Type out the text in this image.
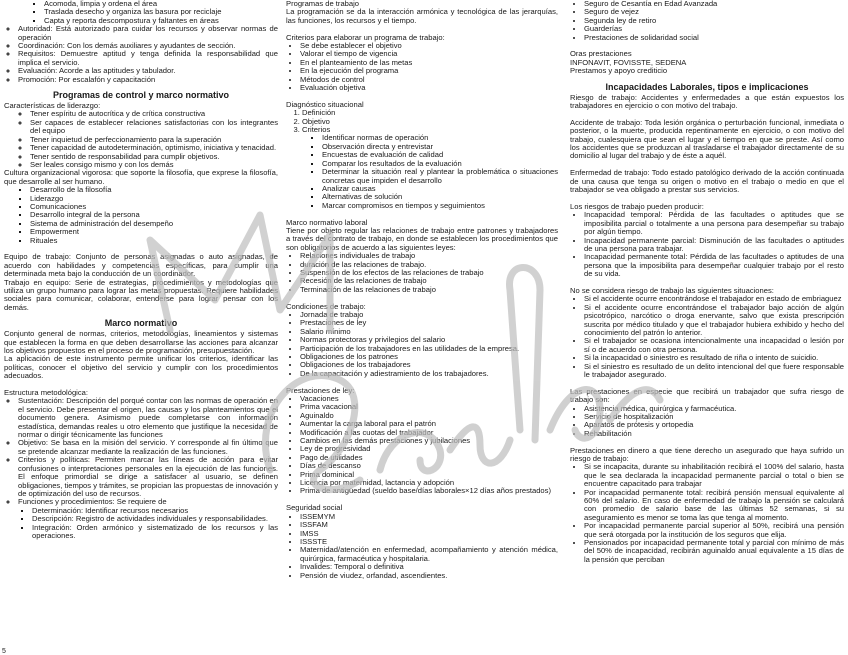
▪ Acomoda, limpia y ordena el área
▪ Traslada desecho y organiza las basura por reciclaje
▪ Capta y reporta descompostura y faltantes en áreas
◦ Autoridad: Está autorizado para cuidar los recursos y observar normas de operación
◦ Coordinación: Con los demás auxiliares y ayudantes de sección.
◦ Requisitos: Demuestre aptitud y tenga definida la responsabilidad que implica el servicio.
◦ Evaluación: Acorde a las aptitudes y tabulador.
◦ Promoción: Por escalafón y capacitación
Programas de control y marco normativo

Características de liderazgo:

◦ Tener espíritu de autocrítica y de crítica constructiva
◦ Ser capaces de establecer relaciones satisfactorias con los integrantes del equipo
◦ Tener inquietud de perfeccionamiento para la superación
◦ Tener capacidad de autodeterminación, optimismo, iniciativa y tenacidad.
◦ Tener sentido de responsabilidad para cumplir objetivos.
◦ Ser leales consigo mismo y con los demás

Cultura organizacional vigorosa: que soporte la filosofía, que exprese la filosofía, que desarrolle al ser humano.

▪ Desarrollo de la filosofía
▪ Liderazgo
▪ Comunicaciones
▪ Desarrollo integral de la persona
▪ Sistema de administración del desempeño
▪ Empowerment
▪ Rituales

Equipo de trabajo: Conjunto de personas asignadas o auto asignadas, de acuerdo con habilidades y competencias específicas, para cumplir una determinada meta bajo la conducción de un coordinador.

Trabajo en equipo: Serie de estrategias, procedimientos y metodologías que utiliza un grupo humano para lograr las metas propuestas. Requiere habilidades sociales para comunicar, colaborar, entenderse para lograr pensar con los demás.

Marco normativo

Conjunto general de normas, criterios, metodologías, lineamientos y sistemas que establecen la forma en que deben desarrollarse las acciones para alcanzar los objetivos propuestos en el proceso de programación, presupuestación.

La aplicación de este instrumento permite unificar los criterios, identificar las políticas, conocer el objetivo del servicio y cumplir con los procedimientos adecuados.

Estructura metodológica:

◦ Sustentación: Descripción del porqué contar con las normas de operación en el servicio. Debe presentar el origen, las causas y los planteamientos que el documento genera. Asimismo puede completarse con información estadística, demandas reales u otro elemento que justifique la necesidad de normar o dirigir técnicamente las funciones
◦ Objetivo: Se basa en la misión del servicio. Y corresponde al fin último que se pretende alcanzar mediante la realización de las funciones.
◦ Criterios y políticas: Permiten marcar las líneas de acción para evitar confusiones o interpretaciones personales en la ejecución de las funciones. El enfoque primordial se dirige a satisfacer al usuario, se definen obligaciones, tiempos y trámites, se propician las propuestas de innovación y de optimización del uso de recursos.
◦ Funciones y procedimientos: Se requiere de
▪ Determinación: Identificar recursos necesarios
▪ Descripción: Registro de actividades individuales y responsabilidades.
▪ Integración: Orden armónico y sistematizado de los recursos y las operaciones.

Programas de trabajo

La programación se da la interacción armónica y tecnológica de las jerarquías, las funciones, los recursos y el tiempo.

Criterios para elaborar un programa de trabajo:

• Se debe establecer el objetivo
• Valorar el tiempo de vigencia
• En el planteamiento de las metas
• En la ejecución del programa
• Métodos de control
• Evaluación objetiva

Diagnóstico situacional

1. Definición
2. Objetivo
3. Criterios
▪ Identificar normas de operación
▪ Observación directa y entrevistar
▪ Encuestas de evaluación de calidad
▪ Comparar los resultados de la evaluación
▪ Determinar la situación real y plantear la problemática o situaciones concretas que impiden el desarrollo
▪ Analizar causas
▪ Alternativas de solución
▪ Marcar compromisos en tiempos y seguimientos

Marco normativo laboral

Tiene por objeto regular las relaciones de trabajo entre patrones y trabajadores a través del contrato de trabajo, en donde se establecen los procedimientos que son obligatorios de acuerdo a las siguientes leyes:

• Relaciones individuales de trabajo
• duración de las relaciones de trabajo.
• Suspensión de los efectos de las relaciones de trabajo
• Recesión de las relaciones de trabajo
• Terminación de las relaciones de trabajo

Condiciones de trabajo:

• Jornada de trabajo
• Prestaciones de ley
• Salario mínimo
• Normas protectoras y privilegios del salario
• Participación de los trabajadores en las utilidades de la empresa.
• Obligaciones de los patrones
• Obligaciones de los trabajadores
• De la capacitación y adiestramiento de los trabajadores.

Prestaciones de ley:

• Vacaciones
• Prima vacacional
• Aguinaldo
• Aumentar la carga laboral para el patrón
• Modificación a las cuotas del trabajador
• Cambios en las demás prestaciones y jubilaciones
• Ley de progresividad
• Pago de utilidades
• Días de descanso
• Prima dominical
• Licencia por maternidad, lactancia y adopción
• Prima de antigüedad (sueldo base/días laborales×12 días años prestados)

Seguridad social

• ISSEMYM
• ISSFAM
• IMSS
• ISSSTE
• Maternidad/atención en enfermedad, acompañamiento y atención médica, quirúrgica, farmacéutica y hospitalaria.
• Invalides: Temporal o definitiva
• Pensión de viudez, orfandad, ascendientes.
• Seguro de Cesantía en Edad Avanzada
• Seguro de vejez
• Segunda ley de retiro
• Guarderías
• Prestaciones de solidaridad social

Oras prestaciones

INFONAVIT, FOVISSTE, SEDENA

Prestamos y apoyo crediticio

Incapacidades Laborales, tipos e implicaciones

Riesgo de trabajo: Accidentes y enfermedades a que están expuestos los trabajadores en ejercicio o con motivo del trabajo.

Accidente de trabajo: Toda lesión orgánica o perturbación funcional, inmediata o posterior, o la muerte, producida repentinamente en ejercicio, o con motivo del trabajo, cualesquiera que sean el lugar y el tiempo en que se preste. Así como los accidentes que se produzcan al trasladarse el trabajador directamente de su domicilio al lugar del trabajo y de éste a aquél.

Enfermedad de trabajo: Todo estado patológico derivado de la acción continuada de una causa que tenga su origen o motivo en el trabajo o medio en que el trabajador se vea obligado a prestar sus servicios.

Los riesgos de trabajo pueden producir:

• Incapacidad temporal: Pérdida de las facultades o aptitudes que se imposibilita parcial o totalmente a una persona para desempeñar su trabajo por algún tiempo.
• Incapacidad permanente parcial: Disminución de las facultades o aptitudes de una persona para trabajar.
• Incapacidad permanente total: Pérdida de las facultades o aptitudes de una persona que la imposibilita para desempeñar cualquier trabajo por el resto de su vida.

No se considera riesgo de trabajo las siguientes situaciones:

• Si el accidente ocurre encontrándose el trabajador en estado de embriaguez
• Si el accidente ocurre encontrándose el trabajador bajo acción de algún psicotrópico, narcótico o droga enervante, salvo que exista prescripción suscrita por médico titulado y que el trabajador hubiera exhibido y hecho del conocimiento del patrón lo anterior.
• Si el trabajador se ocasiona intencionalmente una incapacidad o lesión por sí o de acuerdo con otra persona.
• Si la incapacidad o siniestro es resultado de riña o intento de suicidio.
• Si el siniestro es resultado de un delito intencional del que fuere responsable le trabajador asegurado.

Las prestaciones en especie que recibirá un trabajador que sufra riesgo de trabajo son:

• Asistencia médica, quirúrgica y farmacéutica.
• Servicio de hospitalización
• Aparatos de prótesis y ortopedia
• Rehabilitación

Prestaciones en dinero a que tiene derecho un asegurado que haya sufrido un riesgo de trabajo:

• Si se incapacita, durante su inhabilitación recibirá el 100% del salario, hasta que le sea declarada la incapacidad permanente parcial o total o bien se encuentre capacitado para trabajar
• Por incapacidad permanente total: recibirá pensión mensual equivalente al 60% del salario. En caso de enfermedad de trabajo la pensión se calculará con promedio de salario base de las últimas 52 semanas, si su aseguramiento es menor se toma las que tenga al momento.
• Por incapacidad permanente parcial superior al 50%, recibirá una pensión que será otorgada por la institución de los seguros que elija.
• Pensionados por incapacidad permanente total y parcial con mínimo de más del 50% de incapacidad, recibirán aguinaldo anual equivalente a 15 días de la pensión que perciban
5
